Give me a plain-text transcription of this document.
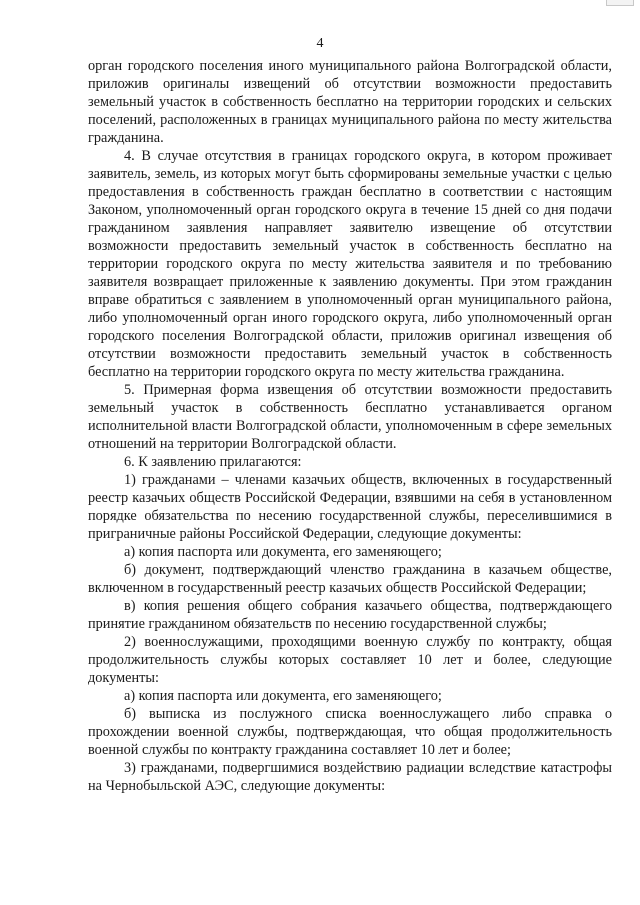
4

орган городского поселения иного муниципального района Волгоградской области, приложив оригиналы извещений об отсутствии возможности предоставить земельный участок в собственность бесплатно на территории городских и сельских поселений, расположенных в границах муниципального района по месту жительства гражданина.

4. В случае отсутствия в границах городского округа, в котором проживает заявитель, земель, из которых могут быть сформированы земельные участки с целью предоставления в собственность граждан бесплатно в соответствии с настоящим Законом, уполномоченный орган городского округа в течение 15 дней со дня подачи гражданином заявления направляет заявителю извещение об отсутствии возможности предоставить земельный участок в собственность бесплатно на территории городского округа по месту жительства заявителя и по требованию заявителя возвращает приложенные к заявлению документы. При этом гражданин вправе обратиться с заявлением в уполномоченный орган муниципального района, либо уполномоченный орган иного городского округа, либо уполномоченный орган городского поселения Волгоградской области, приложив оригинал извещения об отсутствии возможности предоставить земельный участок в собственность бесплатно на территории городского округа по месту жительства гражданина.

5. Примерная форма извещения об отсутствии возможности предоставить земельный участок в собственность бесплатно устанавливается органом исполнительной власти Волгоградской области, уполномоченным в сфере земельных отношений на территории Волгоградской области.

6. К заявлению прилагаются:

1) гражданами – членами казачьих обществ, включенных в государственный реестр казачьих обществ Российской Федерации, взявшими на себя в установленном порядке обязательства по несению государственной службы, переселившимися в приграничные районы Российской Федерации, следующие документы:

а) копия паспорта или документа, его заменяющего;

б) документ, подтверждающий членство гражданина в казачьем обществе, включенном в государственный реестр казачьих обществ Российской Федерации;

в) копия решения общего собрания казачьего общества, подтверждающего принятие гражданином обязательств по несению государственной службы;

2) военнослужащими, проходящими военную службу по контракту, общая продолжительность службы которых составляет 10 лет и более, следующие документы:

а) копия паспорта или документа, его заменяющего;

б) выписка из послужного списка военнослужащего либо справка о прохождении военной службы, подтверждающая, что общая продолжительность военной службы по контракту гражданина составляет 10 лет и более;

3) гражданами, подвергшимися воздействию радиации вследствие катастрофы на Чернобыльской АЭС, следующие документы:
